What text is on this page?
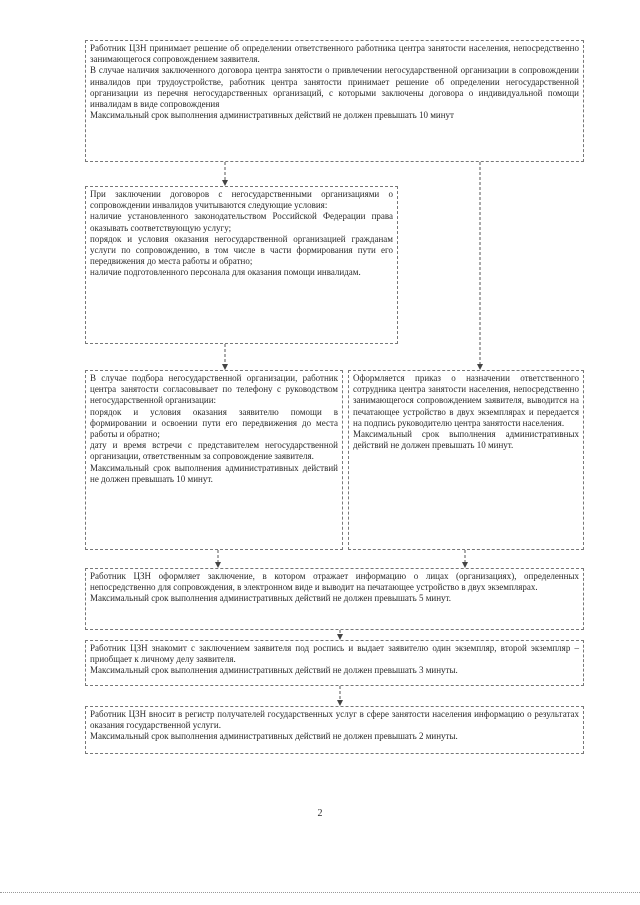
Работник ЦЗН принимает решение об определении ответственного работника центра занятости населения, непосредственно занимающегося сопровождением заявителя.

В случае наличия заключенного договора центра занятости о привлечении негосударственной организации в сопровождении инвалидов при трудоустройстве, работник центра занятости принимает решение об определении негосударственной организации из перечня негосударственных организаций, с которыми заключены договора о индивидуальной помощи инвалидам в виде сопровождения

Максимальный срок выполнения административных действий не должен превышать 10 минут

При заключении договоров с негосударственными организациями о сопровождении инвалидов учитываются следующие условия:

наличие установленного законодательством Российской Федерации права оказывать соответствующую услугу;

порядок и условия оказания негосударственной организацией гражданам услуги по сопровождению, в том числе в части формирования пути его передвижения до места работы и обратно;

наличие подготовленного персонала для оказания помощи инвалидам.

В случае подбора негосударственной организации, работник центра занятости согласовывает по телефону с руководством негосударственной организации:

порядок и условия оказания заявителю помощи в формировании и освоении пути его передвижения до места работы и обратно;

дату и время встречи с представителем негосударственной организации, ответственным за сопровождение заявителя.

Максимальный срок выполнения административных действий не должен превышать 10 минут.

Оформляется приказ о назначении ответственного сотрудника центра занятости населения, непосредственно занимающегося сопровождением заявителя, выводится на печатающее устройство в двух экземплярах и передается на подпись руководителю центра занятости населения.

Максимальный срок выполнения административных действий не должен превышать 10 минут.

Работник ЦЗН оформляет заключение, в котором отражает информацию о лицах (организациях), определенных непосредственно для сопровождения, в электронном виде и выводит на печатающее устройство в двух экземплярах.

Максимальный срок выполнения административных действий не должен превышать 5 минут.

Работник ЦЗН знакомит с заключением заявителя под роспись и выдает заявителю один экземпляр, второй экземпляр – приобщает к личному делу заявителя.

Максимальный срок выполнения административных действий не должен превышать 3 минуты.

Работник ЦЗН вносит в регистр получателей государственных услуг в сфере занятости населения информацию о результатах оказания государственной услуги.

Максимальный срок выполнения административных действий не должен превышать 2 минуты.

2
